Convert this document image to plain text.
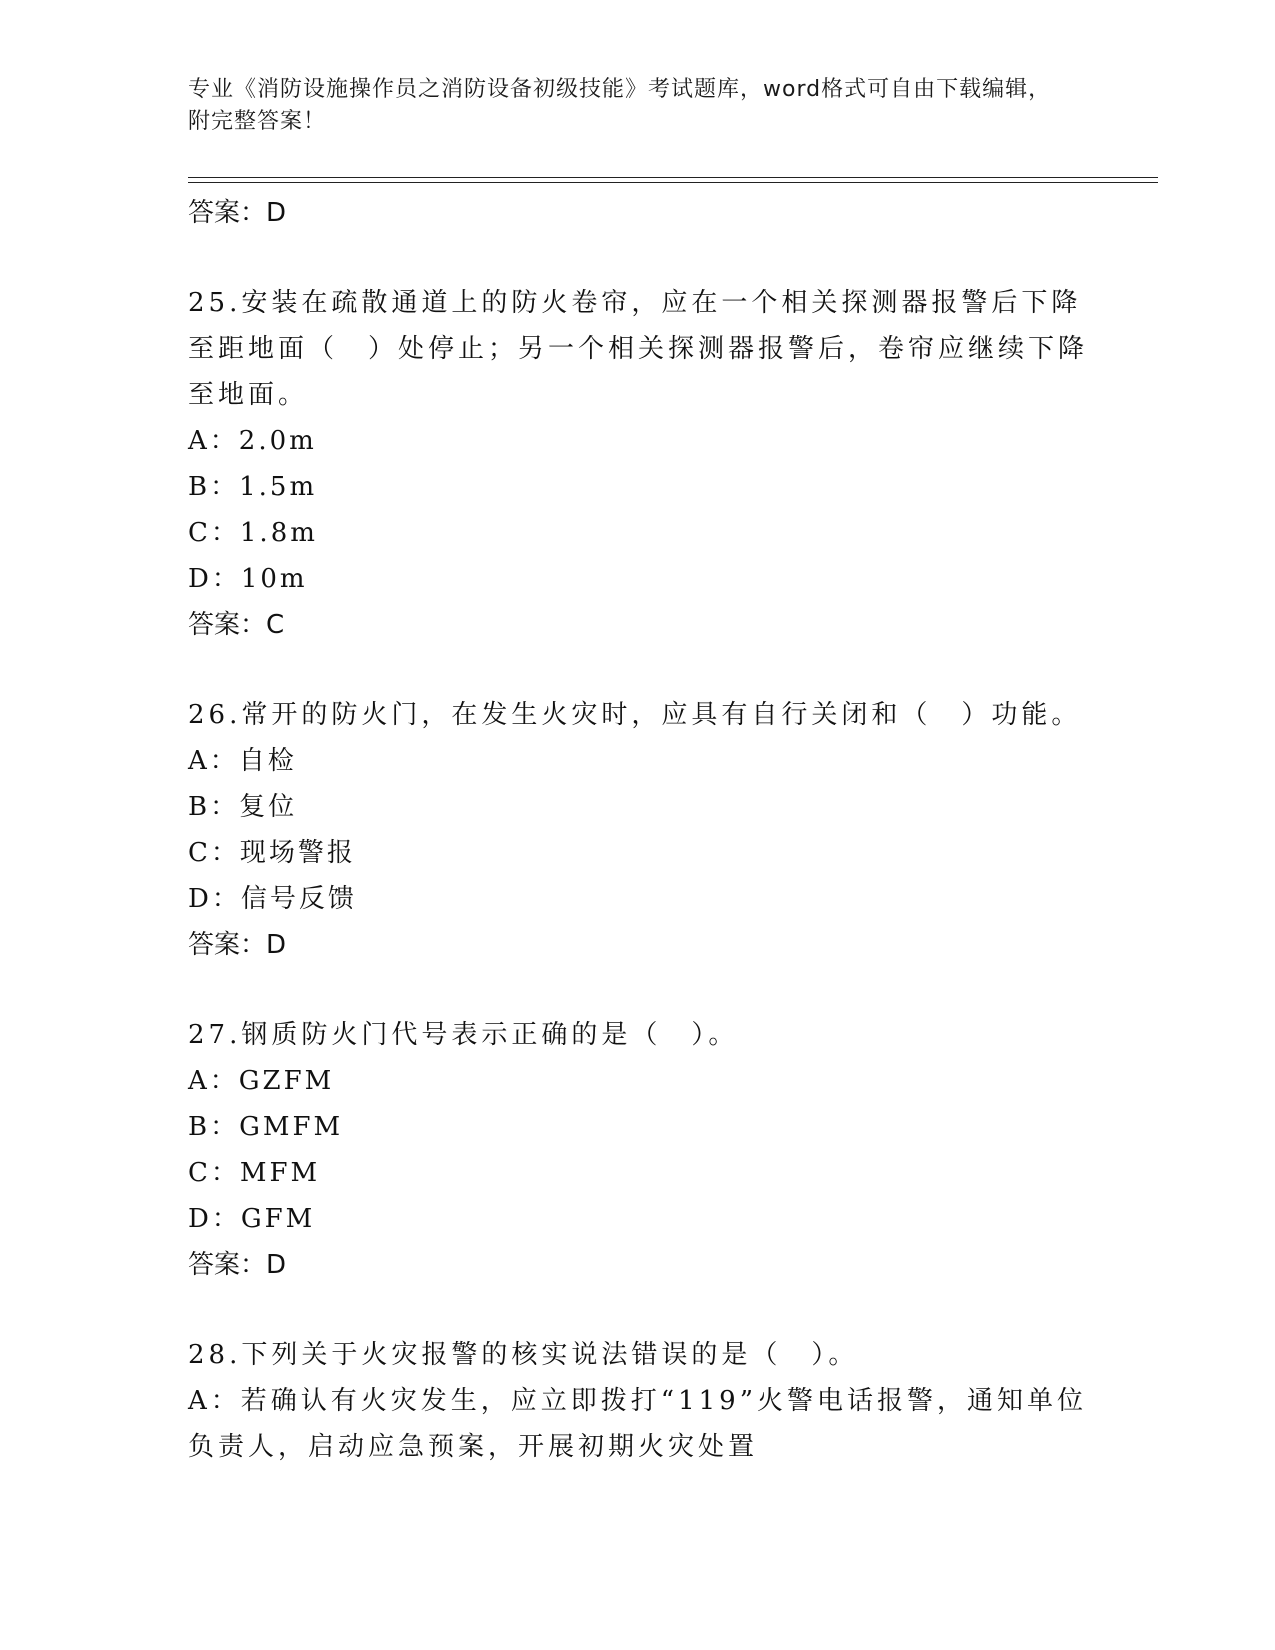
专业《消防设施操作员之消防设备初级技能》考试题库，word格式可自由下载编辑，附完整答案！
答案：D
25.安装在疏散通道上的防火卷帘，应在一个相关探测器报警后下降至距地面（　）处停止；另一个相关探测器报警后，卷帘应继续下降至地面。
A：2.0m
B：1.5m
C：1.8m
D：10m
答案：C
26.常开的防火门，在发生火灾时，应具有自行关闭和（　）功能。
A：自检
B：复位
C：现场警报
D：信号反馈
答案：D
27.钢质防火门代号表示正确的是（　）。
A：GZFM
B：GMFM
C：MFM
D：GFM
答案：D
28.下列关于火灾报警的核实说法错误的是（　）。
A：若确认有火灾发生，应立即拨打“119”火警电话报警，通知单位负责人，启动应急预案，开展初期火灾处置
